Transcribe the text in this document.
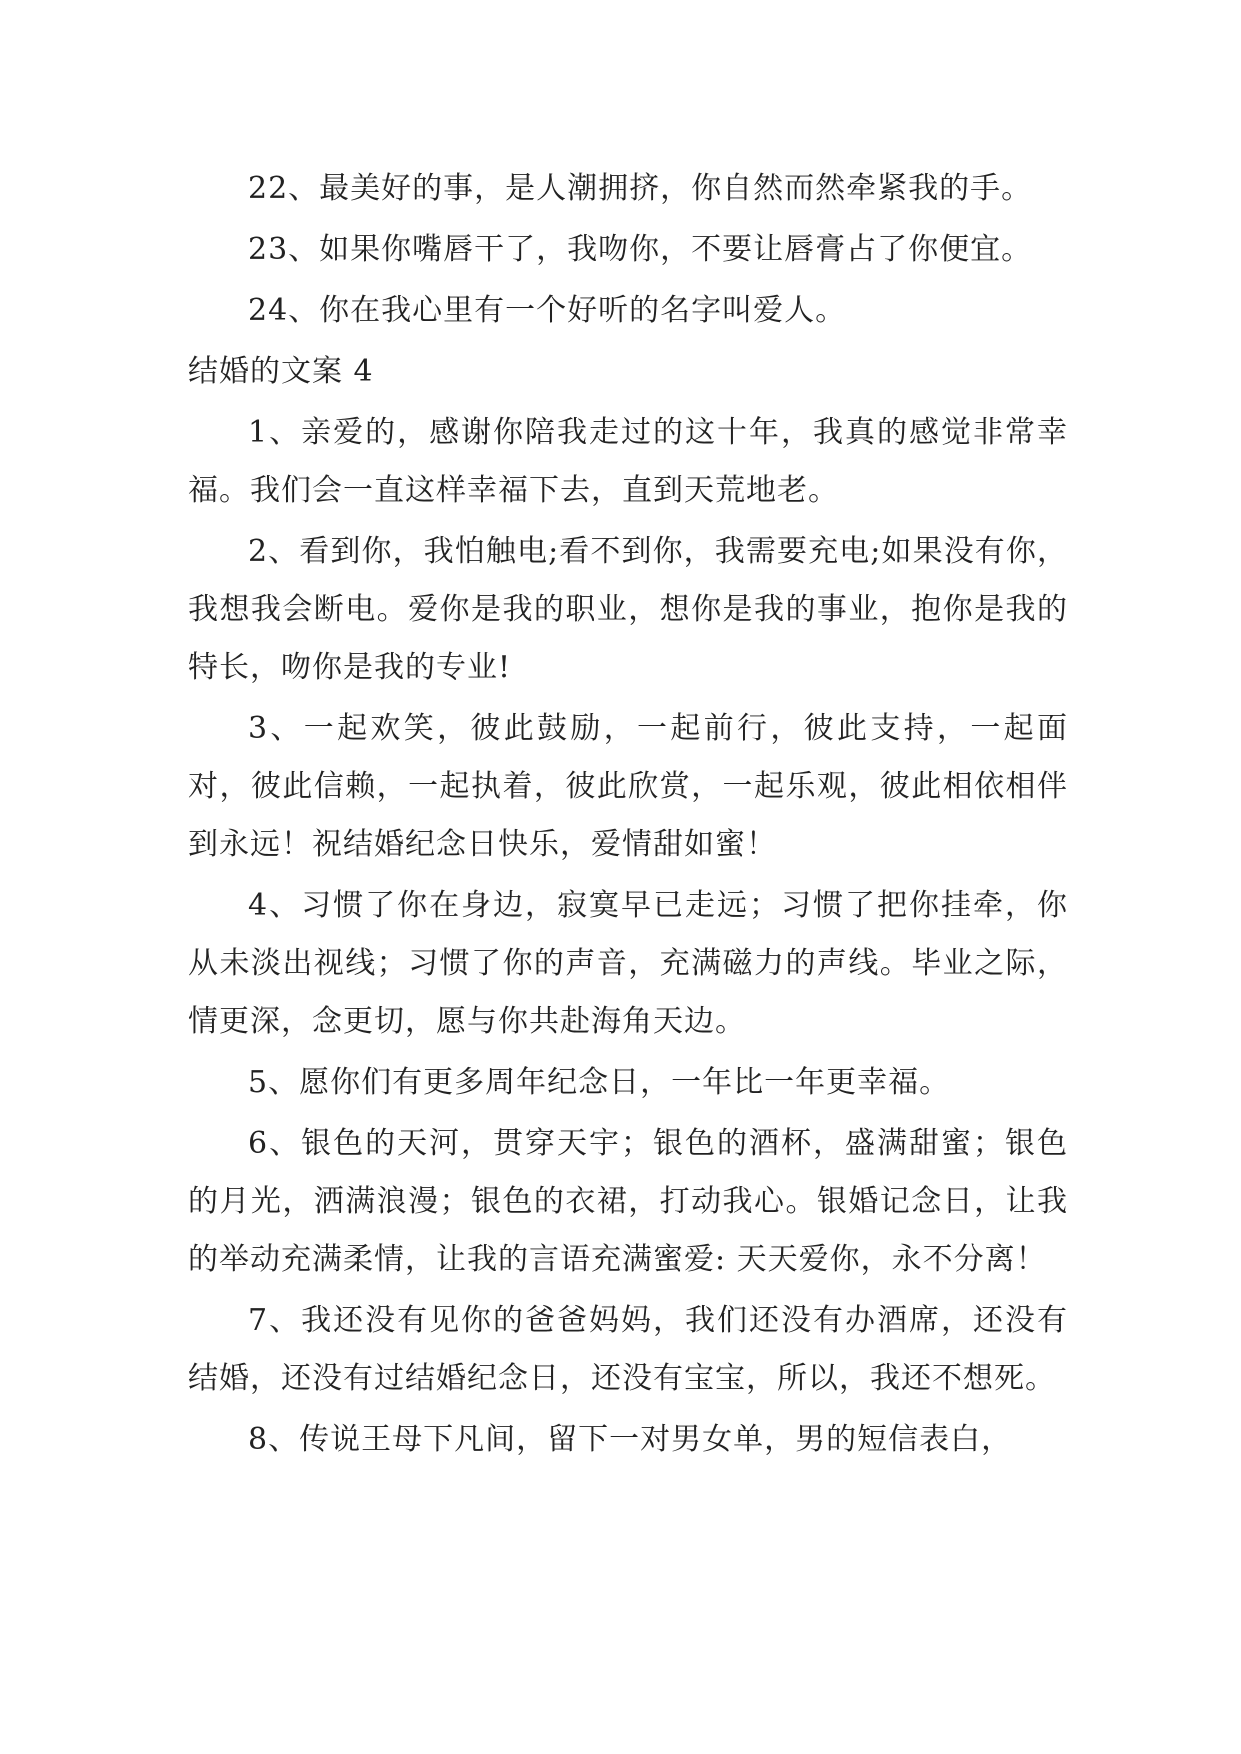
22、最美好的事，是人潮拥挤，你自然而然牵紧我的手。

23、如果你嘴唇干了，我吻你，不要让唇膏占了你便宜。

24、你在我心里有一个好听的名字叫爱人。

结婚的文案 4

1、亲爱的，感谢你陪我走过的这十年，我真的感觉非常幸福。我们会一直这样幸福下去，直到天荒地老。

2、看到你，我怕触电;看不到你，我需要充电;如果没有你，我想我会断电。爱你是我的职业，想你是我的事业，抱你是我的特长，吻你是我的专业!

3、一起欢笑，彼此鼓励，一起前行，彼此支持，一起面对，彼此信赖，一起执着，彼此欣赏，一起乐观，彼此相依相伴到永远！祝结婚纪念日快乐，爱情甜如蜜！

4、习惯了你在身边，寂寞早已走远；习惯了把你挂牵，你从未淡出视线；习惯了你的声音，充满磁力的声线。毕业之际，情更深，念更切，愿与你共赴海角天边。

5、愿你们有更多周年纪念日，一年比一年更幸福。

6、银色的天河，贯穿天宇；银色的酒杯，盛满甜蜜；银色的月光，洒满浪漫；银色的衣裙，打动我心。银婚记念日，让我的举动充满柔情，让我的言语充满蜜爱: 天天爱你，永不分离！

7、我还没有见你的爸爸妈妈，我们还没有办酒席，还没有结婚，还没有过结婚纪念日，还没有宝宝，所以，我还不想死。

8、传说王母下凡间，留下一对男女单，男的短信表白，
